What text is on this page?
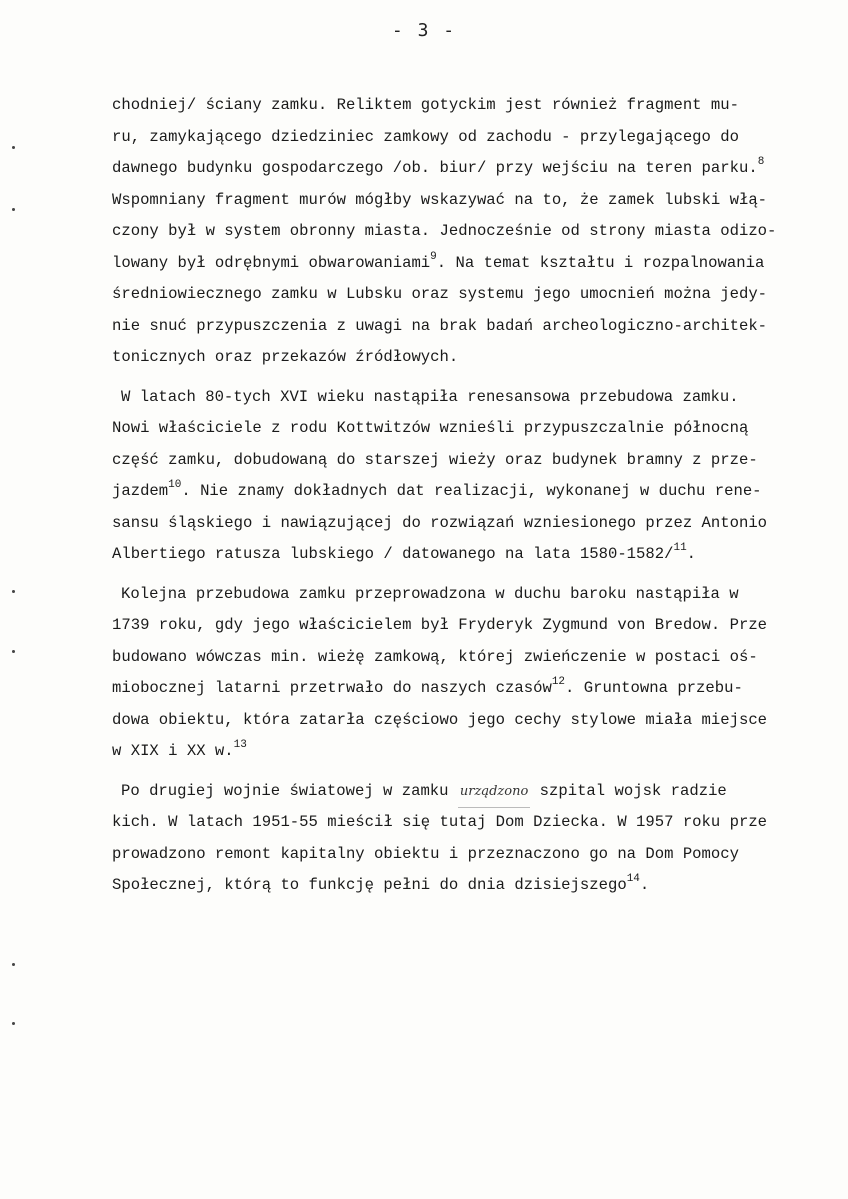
- 3 -
chodniej/ ściany zamku. Reliktem gotyckim jest również fragment mu-
ru, zamykającego dziedziniec zamkowy od zachodu - przylegającego do
dawnego budynku gospodarczego /ob. biur/ przy wejściu na teren parku.$^8$
Wspomniany fragment murów mógłby wskazywać na to, że zamek lubski włą-
czony był w system obronny miasta. Jednocześnie od strony miasta odizo-
lowany był odrębnymi obwarowaniami$^9$. Na temat kształtu i rozpalnowania
średniowiecznego zamku w Lubsku oraz systemu jego umocnień można jedy-
nie snuć przypuszczenia z uwagi na brak badań archeologiczno-architek-
tonicznych oraz przekazów źródłowych.
W latach 80-tych XVI wieku nastąpiła renesansowa przebudowa zamku.
Nowi właściciele z rodu Kottwitzów wznieśli przypuszczalnie północną
część zamku, dobudowaną do starszej wieży oraz budynek bramny z prze-
jazdem$^{10}$. Nie znamy dokładnych dat realizacji, wykonanej w duchu rene-
sansu śląskiego i nawiązującej do rozwiązań wzniesionego przez Antonio
Albertiego ratusza lubskiego / datowanego na lata 1580-1582/$^{11}$.
Kolejna przebudowa zamku przeprowadzona w duchu baroku nastąpiła w
1739 roku, gdy jego właścicielem był Fryderyk Zygmund von Bredow. Prze
budowano wówczas min. wieżę zamkową, której zwieńczenie w postaci oś-
miobocznej latarni przetrwało do naszych czasów$^{12}$. Gruntowna przebu-
dowa obiektu, która zatarła częściowo jego cechy stylowe miała miejsce
w XIX i XX w.$^{13}$
Po drugiej wojnie światowej w zamku urządzono szpital wojsk radzie
kich. W latach 1951-55 mieścił się tutaj Dom Dziecka. W 1957 roku prze
prowadzono remont kapitalny obiektu i przeznaczono go na Dom Pomocy
Społecznej, którą to funkcję pełni do dnia dzisiejszego$^{14}$.
